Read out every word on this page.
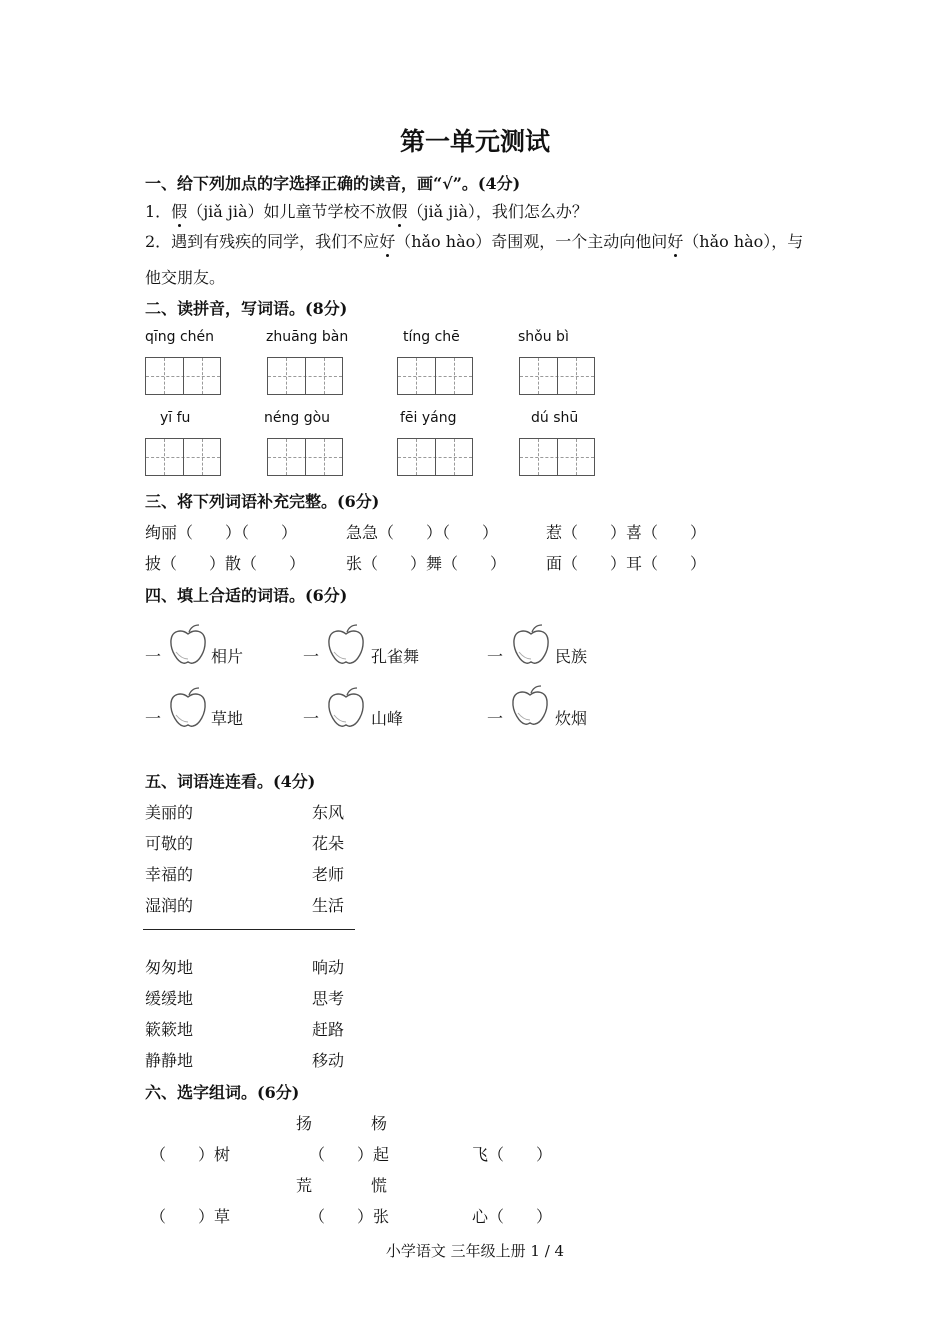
第一单元测试
一、给下列加点的字选择正确的读音，画“√”。(4分)
1．假（jiǎ jià）如儿童节学校不放假（jiǎ jià），我们怎么办？
2．遇到有残疾的同学，我们不应好（hǎo hào）奇围观，一个主动向他问好（hǎo hào），与
他交朋友。
二、读拼音，写词语。(8分)
qīng chén	zhuāng bàn	tíng chē	shǒu bì
yī fu	néng gòu	fēi yáng	dú shū
三、将下列词语补充完整。(6分)
绚丽（　　）（　　）	急急（　　）（　　）	惹（　　）喜（　　）
披（　　）散（　　）	张（　　）舞（　　） 面（　　）耳（　　）
四、填上合适的词语。(6分)
一	相片	一	孔雀舞	一	民族
一	草地	一	山峰	一	炊烟
五、词语连连看。(4分)
美丽的	东风
可敬的	花朵
幸福的	老师
湿润的	生活
匆匆地	响动
缓缓地	思考
簌簌地	赶路
静静地	移动
六、选字组词。(6分)
扬	杨
（　　）树	（　　）起	飞（　　）
荒	慌
（　　）草	（　　）张	心（　　）
小学语文 三年级上册 1 / 4
